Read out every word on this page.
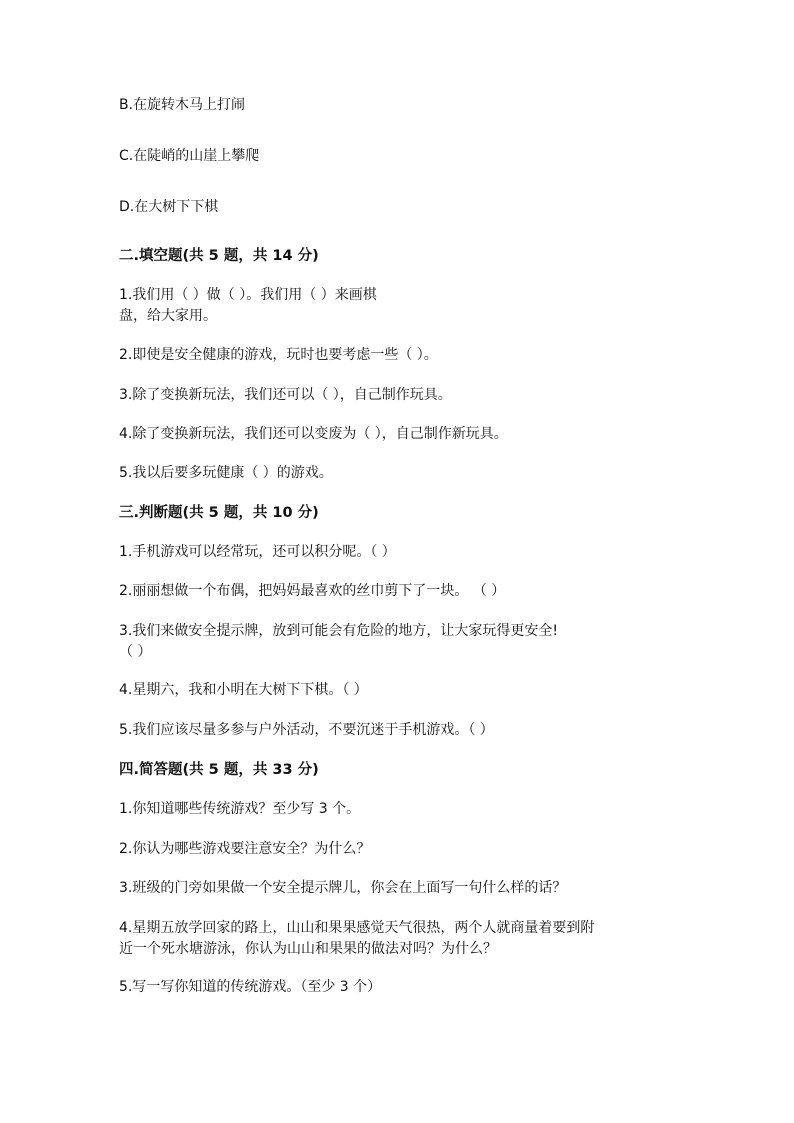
B.在旋转木马上打闹
C.在陡峭的山崖上攀爬
D.在大树下下棋
二.填空题(共 5 题，共 14 分)
1.我们用（ ）做（ ）。我们用（ ）来画棋
盘，给大家用。
2.即使是安全健康的游戏，玩时也要考虑一些（ ）。
3.除了变换新玩法，我们还可以（ ），自己制作玩具。
4.除了变换新玩法，我们还可以变废为（ ），自己制作新玩具。
5.我以后要多玩健康（ ）的游戏。
三.判断题(共 5 题，共 10 分)
1.手机游戏可以经常玩，还可以积分呢。（ ）
2.丽丽想做一个布偶，把妈妈最喜欢的丝巾剪下了一块。 （ ）
3.我们来做安全提示牌，放到可能会有危险的地方，让大家玩得更安全!
（ ）
4.星期六，我和小明在大树下下棋。（ ）
5.我们应该尽量多参与户外活动，不要沉迷于手机游戏。（ ）
四.简答题(共 5 题，共 33 分)
1.你知道哪些传统游戏？至少写 3 个。
2.你认为哪些游戏要注意安全？为什么？
3.班级的门旁如果做一个安全提示牌儿，你会在上面写一句什么样的话？
4.星期五放学回家的路上，山山和果果感觉天气很热，两个人就商量着要到附
近一个死水塘游泳，你认为山山和果果的做法对吗？为什么？
5.写一写你知道的传统游戏。（至少 3 个）
